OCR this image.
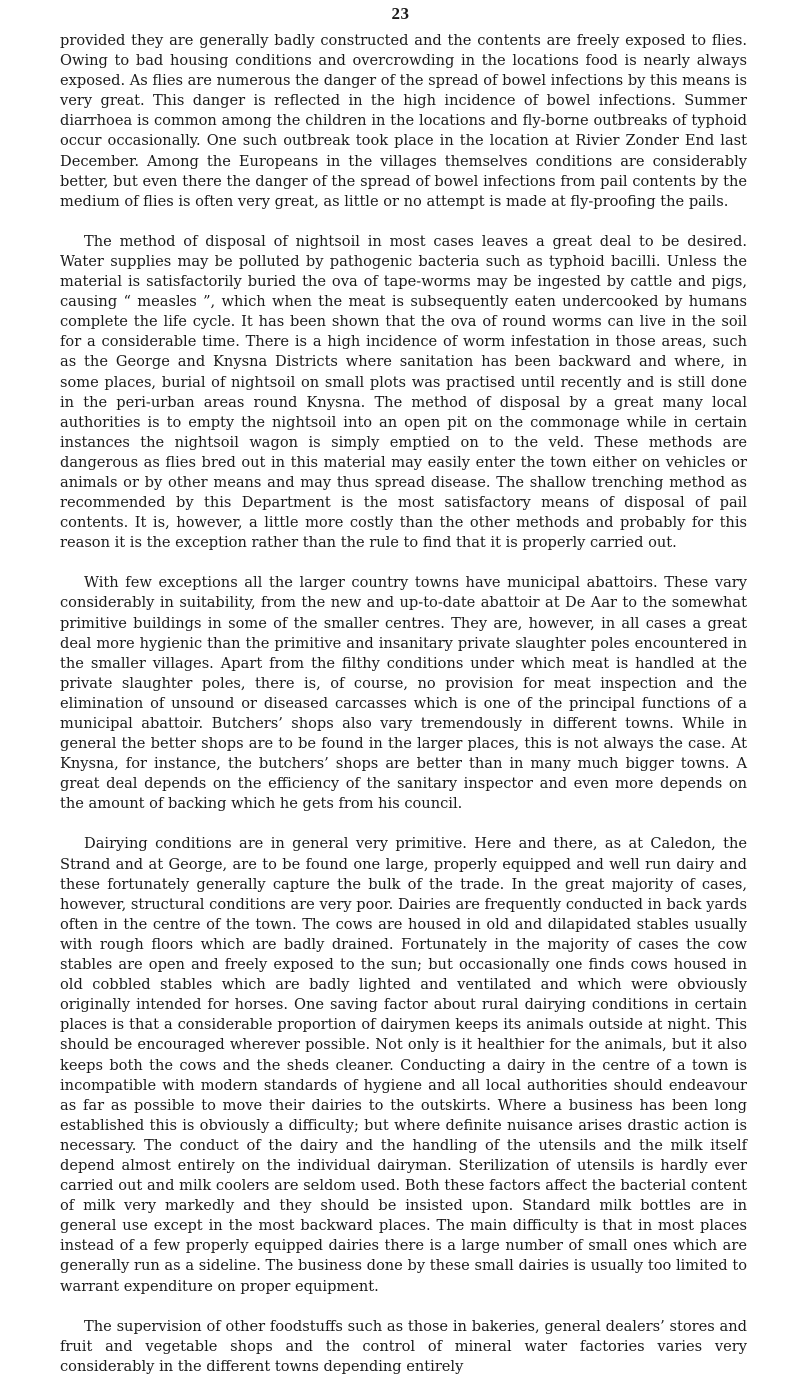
23

provided they are generally badly constructed and the contents are freely exposed to flies. Owing to bad housing conditions and overcrowding in the locations food is nearly always exposed. As flies are numerous the danger of the spread of bowel infections by this means is very great. This danger is reflected in the high incidence of bowel infections. Summer diarrhoea is common among the children in the locations and fly-borne outbreaks of typhoid occur occasionally. One such outbreak took place in the location at Rivier Zonder End last December. Among the Europeans in the villages themselves conditions are considerably better, but even there the danger of the spread of bowel infections from pail contents by the medium of flies is often very great, as little or no attempt is made at fly-proofing the pails.

The method of disposal of nightsoil in most cases leaves a great deal to be desired. Water supplies may be polluted by pathogenic bacteria such as typhoid bacilli. Unless the material is satisfactorily buried the ova of tape-worms may be ingested by cattle and pigs, causing “ measles ”, which when the meat is subsequently eaten undercooked by humans complete the life cycle. It has been shown that the ova of round worms can live in the soil for a considerable time. There is a high incidence of worm infestation in those areas, such as the George and Knysna Districts where sanitation has been backward and where, in some places, burial of nightsoil on small plots was practised until recently and is still done in the peri-urban areas round Knysna. The method of disposal by a great many local authorities is to empty the nightsoil into an open pit on the commonage while in certain instances the nightsoil wagon is simply emptied on to the veld. These methods are dangerous as flies bred out in this material may easily enter the town either on vehicles or animals or by other means and may thus spread disease. The shallow trenching method as recommended by this Department is the most satisfactory means of disposal of pail contents. It is, however, a little more costly than the other methods and probably for this reason it is the exception rather than the rule to find that it is properly carried out.

With few exceptions all the larger country towns have municipal abattoirs. These vary considerably in suitability, from the new and up-to-date abattoir at De Aar to the somewhat primitive buildings in some of the smaller centres. They are, however, in all cases a great deal more hygienic than the primitive and insanitary private slaughter poles encountered in the smaller villages. Apart from the filthy conditions under which meat is handled at the private slaughter poles, there is, of course, no provision for meat inspection and the elimination of unsound or diseased carcasses which is one of the principal functions of a municipal abattoir. Butchers’ shops also vary tremendously in different towns. While in general the better shops are to be found in the larger places, this is not always the case. At Knysna, for instance, the butchers’ shops are better than in many much bigger towns. A great deal depends on the efficiency of the sanitary inspector and even more depends on the amount of backing which he gets from his council.

Dairying conditions are in general very primitive. Here and there, as at Caledon, the Strand and at George, are to be found one large, properly equipped and well run dairy and these fortunately generally capture the bulk of the trade. In the great majority of cases, however, structural conditions are very poor. Dairies are frequently conducted in back yards often in the centre of the town. The cows are housed in old and dilapidated stables usually with rough floors which are badly drained. Fortunately in the majority of cases the cow stables are open and freely exposed to the sun; but occasionally one finds cows housed in old cobbled stables which are badly lighted and ventilated and which were obviously originally intended for horses. One saving factor about rural dairying conditions in certain places is that a considerable proportion of dairymen keeps its animals outside at night. This should be encouraged wherever possible. Not only is it healthier for the animals, but it also keeps both the cows and the sheds cleaner. Conducting a dairy in the centre of a town is incompatible with modern standards of hygiene and all local authorities should endeavour as far as possible to move their dairies to the outskirts. Where a business has been long established this is obviously a difficulty; but where definite nuisance arises drastic action is necessary. The conduct of the dairy and the handling of the utensils and the milk itself depend almost entirely on the individual dairyman. Sterilization of utensils is hardly ever carried out and milk coolers are seldom used. Both these factors affect the bacterial content of milk very markedly and they should be insisted upon. Standard milk bottles are in general use except in the most backward places. The main difficulty is that in most places instead of a few properly equipped dairies there is a large number of small ones which are generally run as a sideline. The business done by these small dairies is usually too limited to warrant expenditure on proper equipment.

The supervision of other foodstuffs such as those in bakeries, general dealers’ stores and fruit and vegetable shops and the control of mineral water factories varies very considerably in the different towns depending entirely
